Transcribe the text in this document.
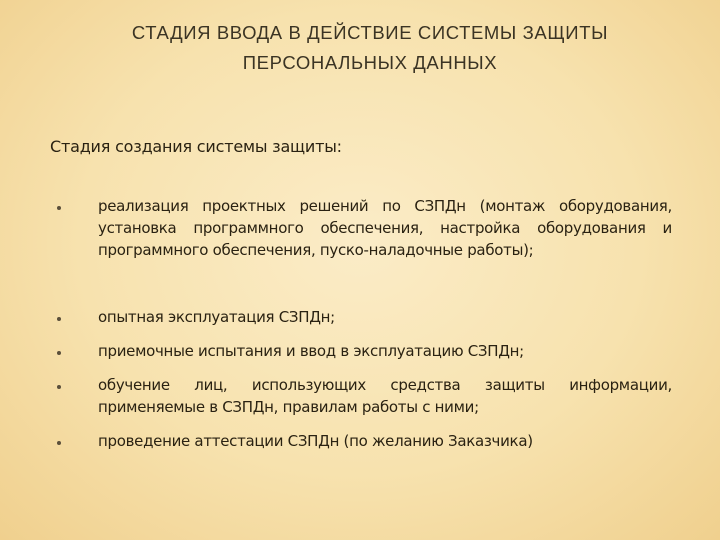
СТАДИЯ ВВОДА В ДЕЙСТВИЕ СИСТЕМЫ ЗАЩИТЫ
ПЕРСОНАЛЬНЫХ ДАННЫХ
Стадия создания системы защиты:
реализация проектных решений по СЗПДн (монтаж оборудования, установка программного обеспечения, настройка оборудования и программного обеспечения, пуско-наладочные работы);
опытная эксплуатация СЗПДн;
приемочные испытания и ввод в эксплуатацию СЗПДн;
обучение лиц, использующих средства защиты информации, применяемые в СЗПДн, правилам работы с ними;
проведение аттестации СЗПДн (по желанию Заказчика)
